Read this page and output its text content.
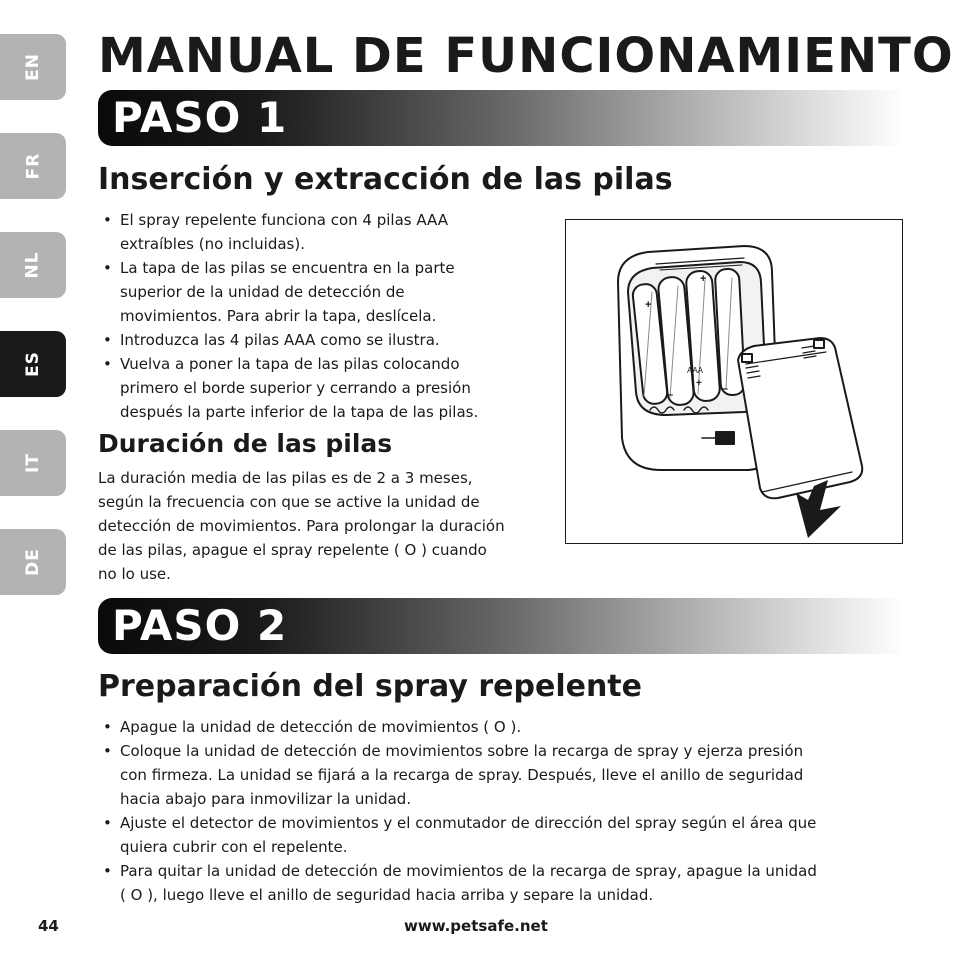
EN
FR
NL
ES
IT
DE
MANUAL DE FUNCIONAMIENTO
PASO 1
Inserción y extracción de las pilas
• El spray repelente funciona con 4 pilas AAA
extraíbles (no incluidas).
• La tapa de las pilas se encuentra en la parte
superior de la unidad de detección de
movimientos. Para abrir la tapa, deslícela.
• Introduzca las 4 pilas AAA como se ilustra.
• Vuelva a poner la tapa de las pilas colocando
primero el borde superior y cerrando a presión
después la parte inferior de la tapa de las pilas.
Duración de las pilas

La duración media de las pilas es de 2 a 3 meses,
según la frecuencia con que se active la unidad de
detección de movimientos. Para prolongar la duración
de las pilas, apague el spray repelente ( O ) cuando
no lo use.

+
+
–	–
AAA
+
PASO 2
Preparación del spray repelente
• Apague la unidad de detección de movimientos ( O ).
• Coloque la unidad de detección de movimientos sobre la recarga de spray y ejerza presión
con firmeza. La unidad se fijará a la recarga de spray. Después, lleve el anillo de seguridad
hacia abajo para inmovilizar la unidad.
• Ajuste el detector de movimientos y el conmutador de dirección del spray según el área que
quiera cubrir con el repelente.
• Para quitar la unidad de detección de movimientos de la recarga de spray, apague la unidad
( O ), luego lleve el anillo de seguridad hacia arriba y separe la unidad.

44	www.petsafe.net
